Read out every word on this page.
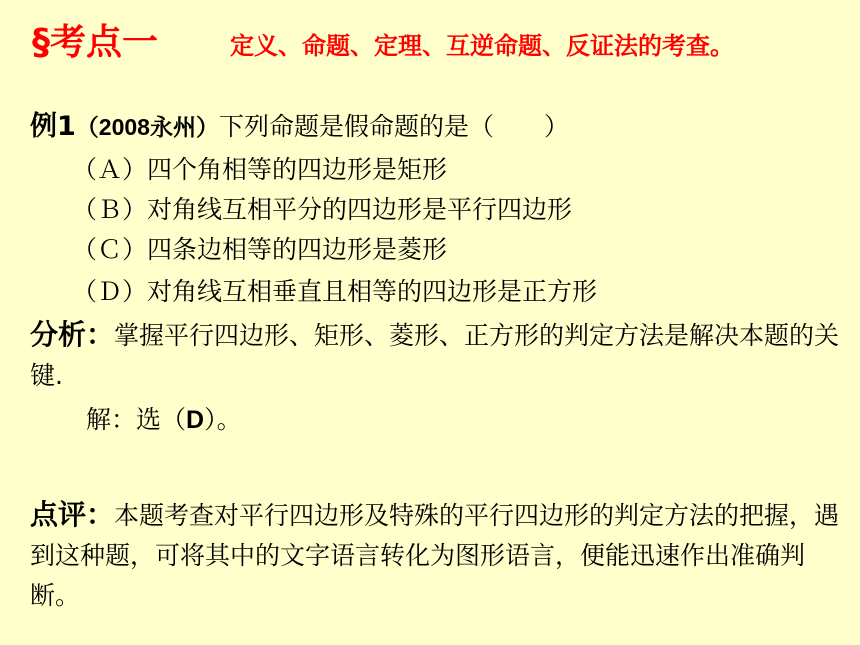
§考点一	定义、命题、定理、互逆命题、反证法的考查。
例1（2008永州）下列命题是假命题的是（　　）
（Ａ）四个角相等的四边形是矩形
（Ｂ）对角线互相平分的四边形是平行四边形
（Ｃ）四条边相等的四边形是菱形
（Ｄ）对角线互相垂直且相等的四边形是正方形
分析：掌握平行四边形、矩形、菱形、正方形的判定方法是解决本题的关键.
解：选（D）。
点评：本题考查对平行四边形及特殊的平行四边形的判定方法的把握，遇到这种题，可将其中的文字语言转化为图形语言，便能迅速作出准确判断。
